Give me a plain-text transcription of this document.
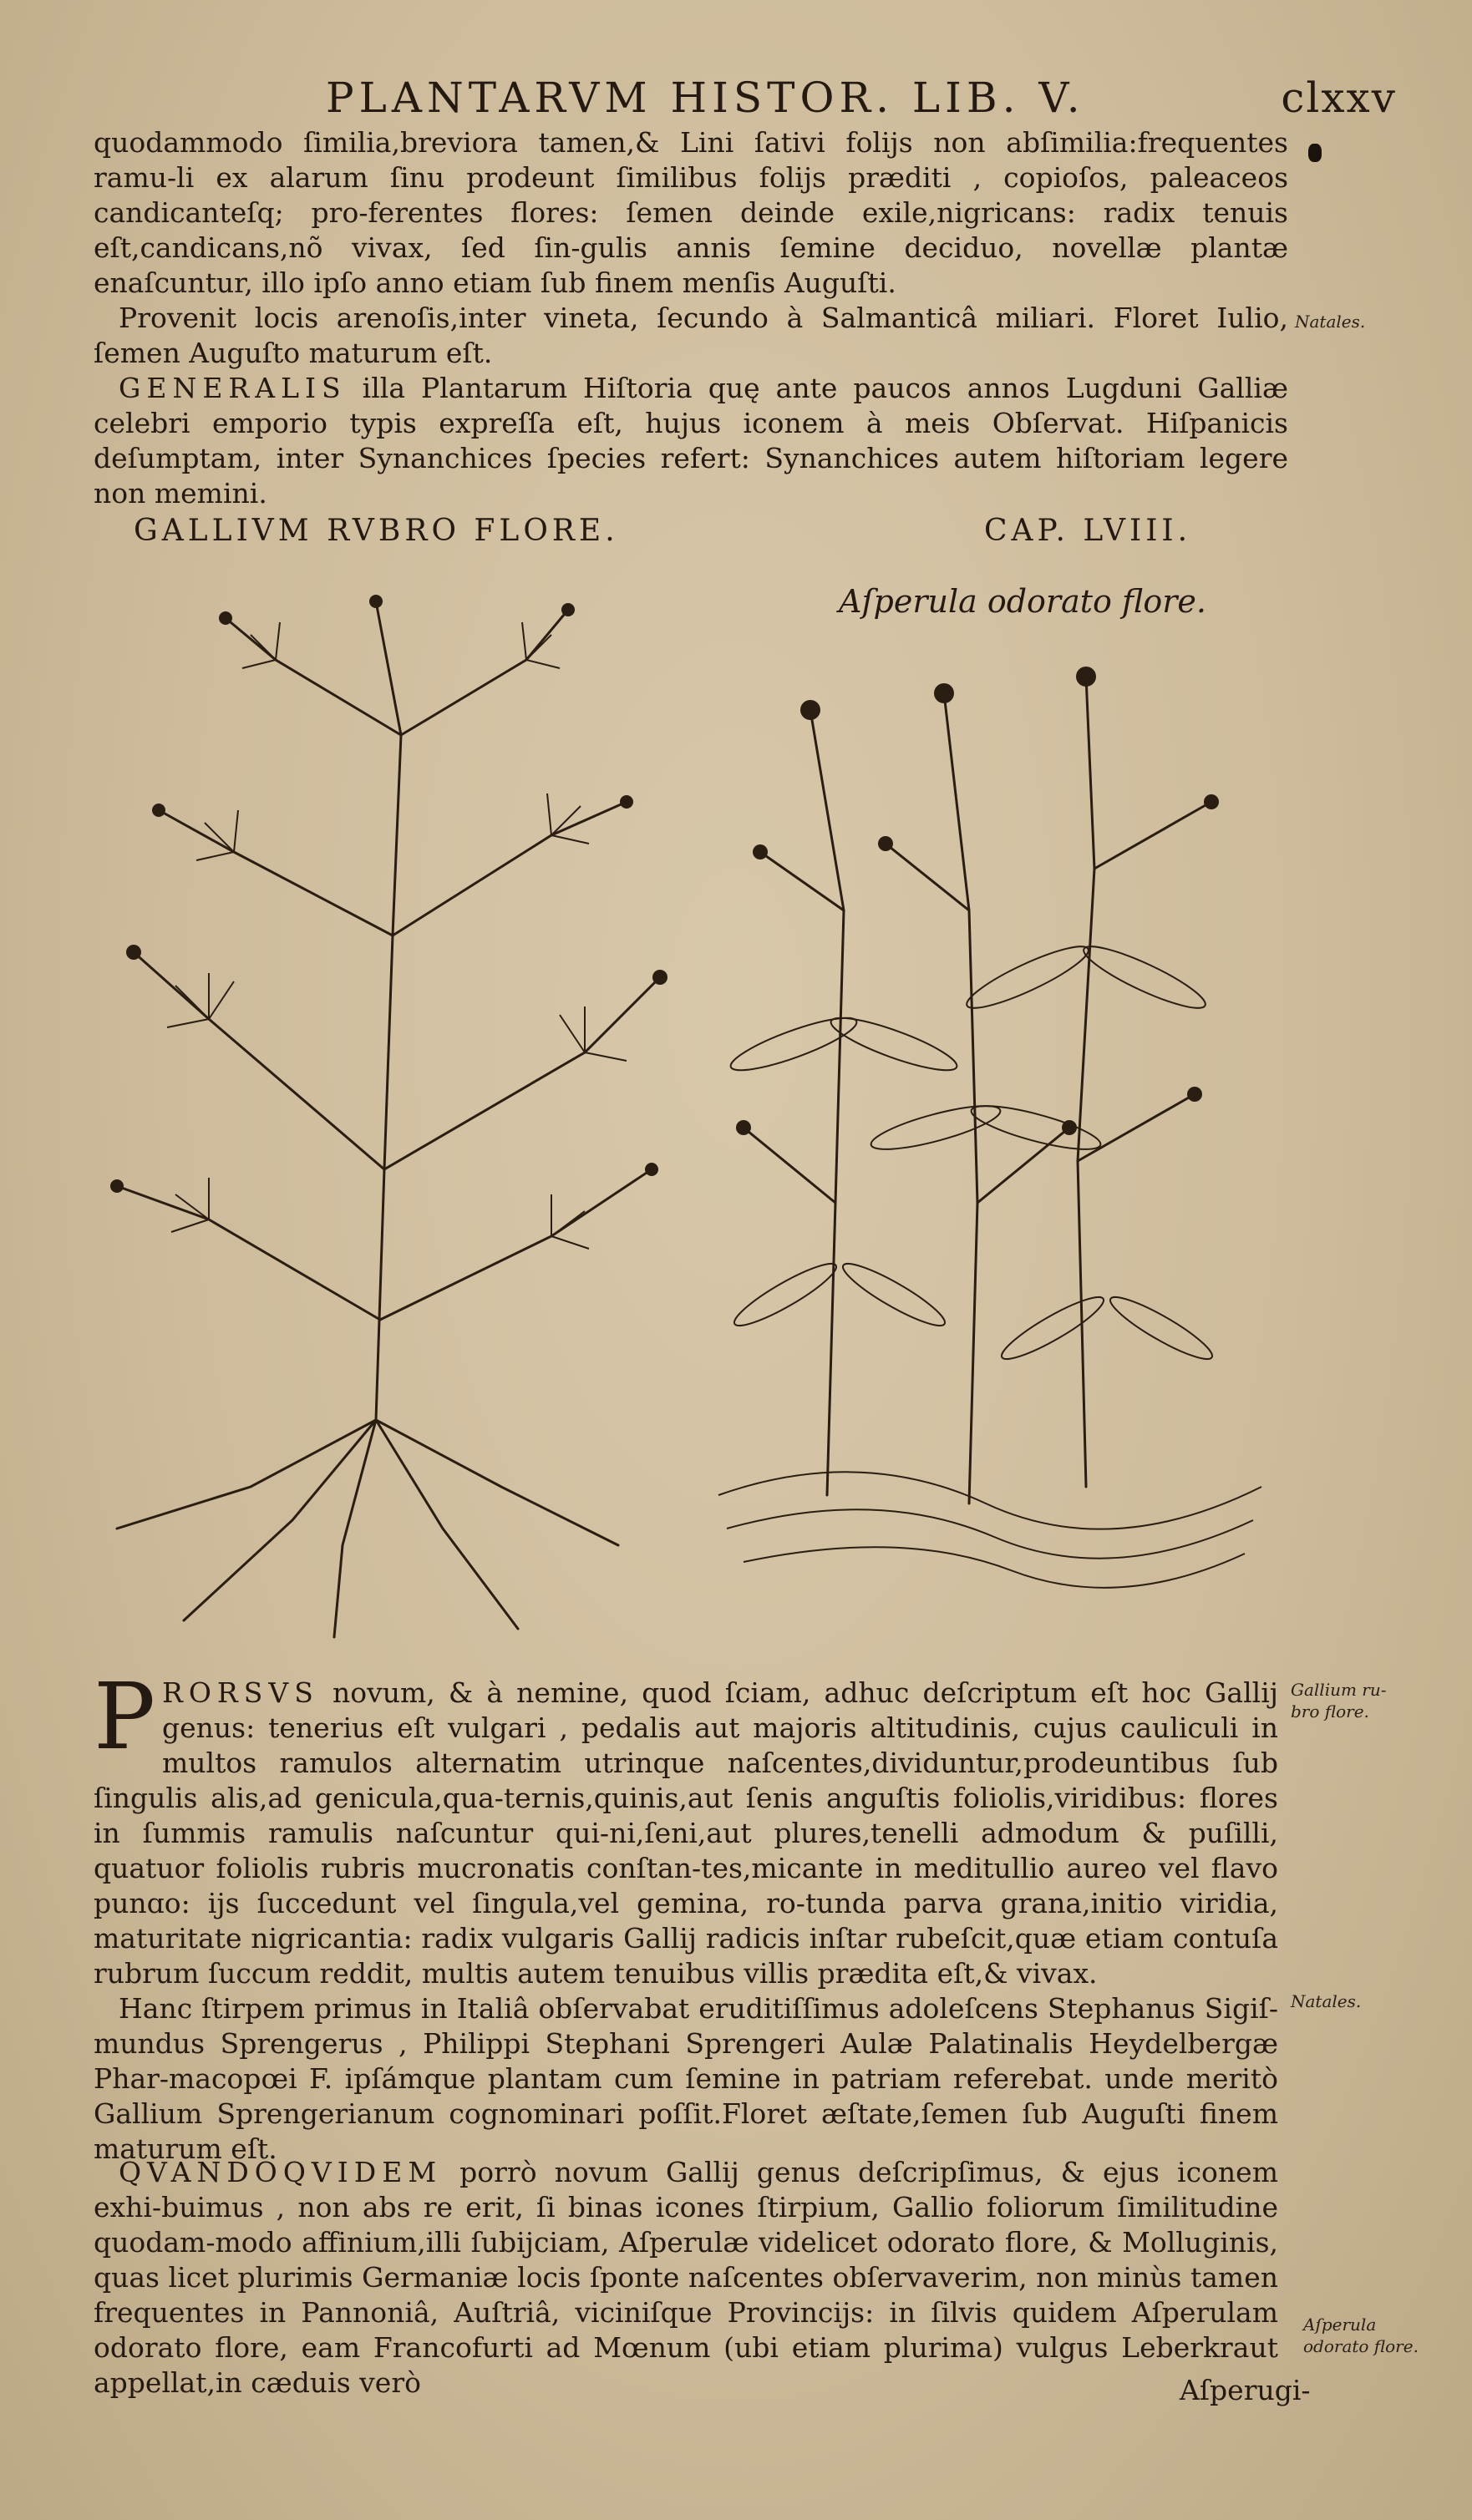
PLANTARVM HISTOR. LIB. V.	clxxv

quodammodo ſimilia,breviora tamen,& Lini ſativi folijs non abſimilia:frequentes ramu-li ex alarum ſinu prodeunt ſimilibus folijs præditi , copioſos, paleaceos candicanteſq; pro-ferentes flores: ſemen deinde exile,nigricans: radix tenuis eſt,candicans,nõ vivax, ſed ſin-gulis annis ſemine deciduo, novellæ plantæ enaſcuntur, illo ipſo anno etiam ſub finem menſis Auguſti.

Provenit locis arenoſis,inter vineta, ſecundo à Salmanticâ miliari. Floret Iulio, ſemen Auguſto maturum eſt.

GENERALIS illa Plantarum Hiſtoria quę ante paucos annos Lugduni Galliæ celebri emporio typis expreſſa eſt, hujus iconem à meis Obſervat. Hiſpanicis deſumptam, inter Synanchices ſpecies refert: Synanchices autem hiſtoriam legere non memini.

Natales.
GALLIVM RVBRO FLORE.	CAP. LVIII.
Aſperula odorato flore.

PRORSVS novum, & à nemine, quod ſciam, adhuc deſcriptum eſt hoc Gallij genus: tenerius eſt vulgari , pedalis aut majoris altitudinis, cujus cauliculi in multos ramulos alternatim utrinque naſcentes,dividuntur,prodeuntibus ſub ſingulis alis,ad genicula,qua-ternis,quinis,aut ſenis anguſtis foliolis,viridibus: flores in ſummis ramulis naſcuntur qui-ni,ſeni,aut plures,tenelli admodum & puſilli, quatuor foliolis rubris mucronatis conſtan-tes,micante in meditullio aureo vel flavo punɑo: ijs ſuccedunt vel ſingula,vel gemina, ro-tunda parva grana,initio viridia, maturitate nigricantia: radix vulgaris Gallij radicis inſtar rubeſcit,quæ etiam contuſa rubrum ſuccum reddit, multis autem tenuibus villis prædita eſt,& vivax.

Hanc ſtirpem primus in Italiâ obſervabat eruditiſſimus adoleſcens Stephanus Sigiſ-mundus Sprengerus , Philippi Stephani Sprengeri Aulæ Palatinalis Heydelbergæ Phar-macopœi F. ipſámque plantam cum ſemine in patriam referebat. unde meritò Gallium Sprengerianum cognominari poſſit.Floret æſtate,ſemen ſub Auguſti finem maturum eſt.

Gallium ru-bro flore.
Natales.

QVANDOQVIDEM porrò novum Gallij genus deſcripſimus, & ejus iconem exhi-buimus , non abs re erit, ſi binas icones ſtirpium, Gallio foliorum ſimilitudine quodam-modo affinium,illi ſubijciam, Aſperulæ videlicet odorato flore, & Molluginis, quas licet plurimis Germaniæ locis ſponte naſcentes obſervaverim, non minùs tamen frequentes in Pannoniâ, Auſtriâ, viciniſque Provincijs: in ſilvis quidem Aſperulam odorato flore, eam Francofurti ad Mœnum (ubi etiam plurima) vulgus Leberkraut appellat,in cæduis verò

Aſperula odorato flore.
Aſperugi-
